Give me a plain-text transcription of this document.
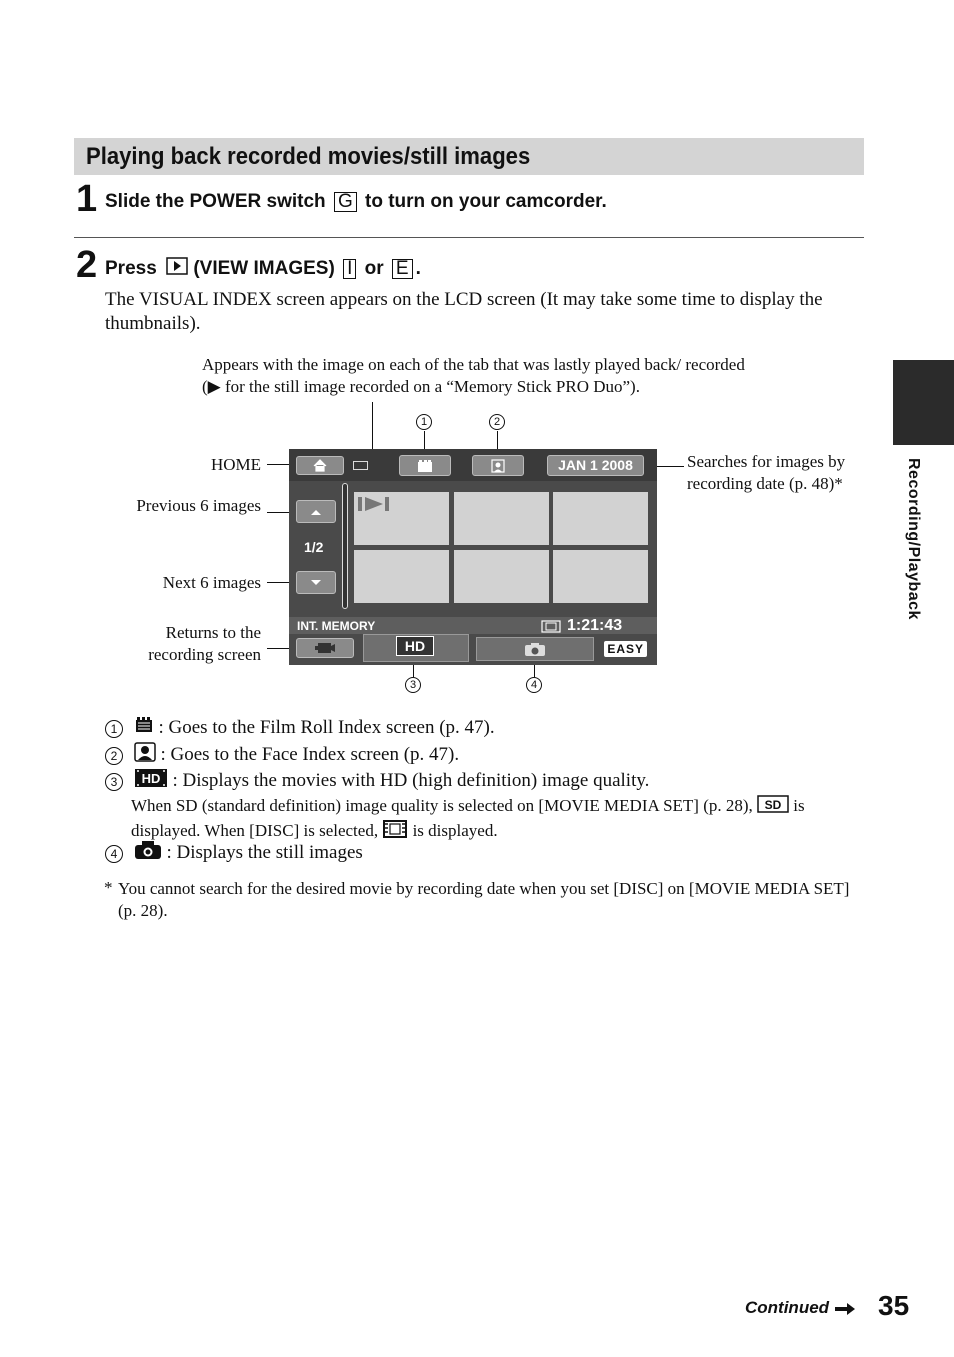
Playing back recorded movies/still images
1 Slide the POWER switch G to turn on your camcorder.
2 Press (VIEW IMAGES) I or E .
The VISUAL INDEX screen appears on the LCD screen (It may take some time to display the thumbnails).
Appears with the image on each of the tab that was lastly played back/ recorded (▶ for the still image recorded on a “Memory Stick PRO Duo”).
HOME
Previous 6 images
Next 6 images
Returns to the recording screen
Searches for images by recording date (p. 48)*
1	2
3	4
JAN 1 2008
1/2
INT. MEMORY	1:21:43
HD	EASY
1 : Goes to the Film Roll Index screen (p. 47).
2 : Goes to the Face Index screen (p. 47).
3 HD : Displays the movies with HD (high definition) image quality.
When SD (standard definition) image quality is selected on [MOVIE MEDIA SET] (p. 28), SD is displayed. When [DISC] is selected, is displayed.
4	: Displays the still images
* You cannot search for the desired movie by recording date when you set [DISC] on [MOVIE MEDIA SET] (p. 28).
Recording/Playback
Continued	35
